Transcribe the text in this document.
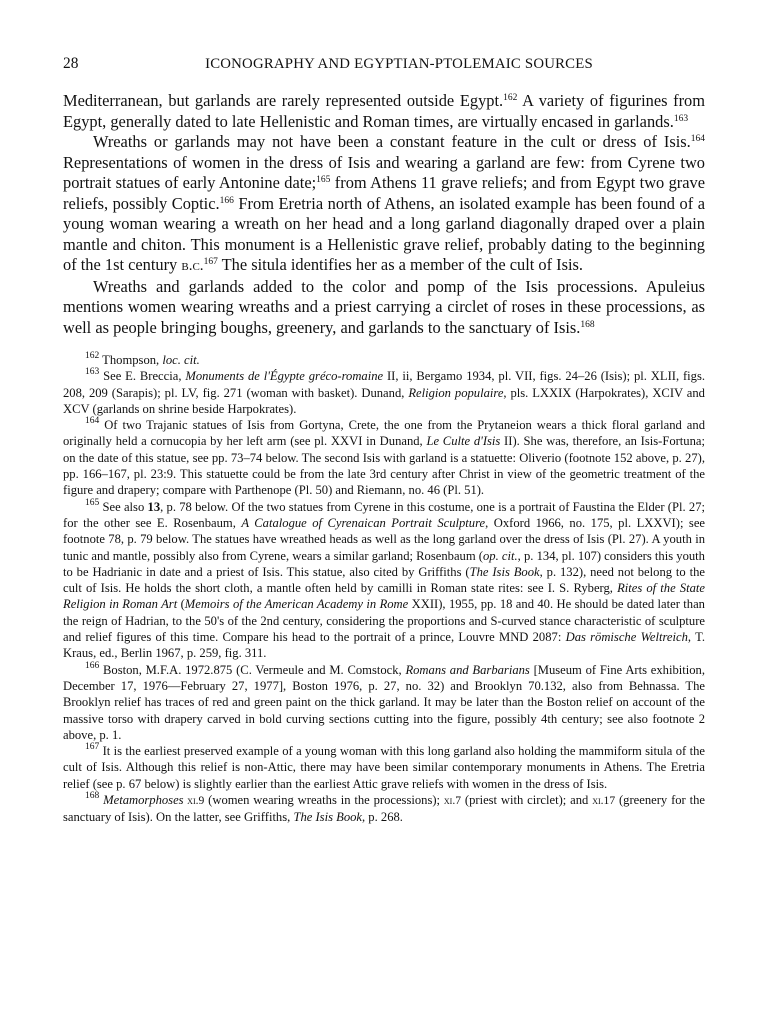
28	ICONOGRAPHY AND EGYPTIAN-PTOLEMAIC SOURCES

Mediterranean, but garlands are rarely represented outside Egypt.$^{162}$ A variety of figurines from Egypt, generally dated to late Hellenistic and Roman times, are virtually encased in garlands.$^{163}$

Wreaths or garlands may not have been a constant feature in the cult or dress of Isis.$^{164}$ Representations of women in the dress of Isis and wearing a garland are few: from Cyrene two portrait statues of early Antonine date;$^{165}$ from Athens 11 grave reliefs; and from Egypt two grave reliefs, possibly Coptic.$^{166}$ From Eretria north of Athens, an isolated example has been found of a young woman wearing a wreath on her head and a long garland diagonally draped over a plain mantle and chiton. This monument is a Hellenistic grave relief, probably dating to the beginning of the 1st century b.c.$^{167}$ The situla identifies her as a member of the cult of Isis.

Wreaths and garlands added to the color and pomp of the Isis processions. Apuleius mentions women wearing wreaths and a priest carrying a circlet of roses in these processions, as well as people bringing boughs, greenery, and garlands to the sanctuary of Isis.$^{168}$

$^{162}$ Thompson, loc. cit.

$^{163}$ See E. Breccia, Monuments de l'Égypte gréco-romaine II, ii, Bergamo 1934, pl. VII, figs. 24–26 (Isis); pl. XLII, figs. 208, 209 (Sarapis); pl. LV, fig. 271 (woman with basket). Dunand, Religion populaire, pls. LXXIX (Harpokrates), XCIV and XCV (garlands on shrine beside Harpokrates).

$^{164}$ Of two Trajanic statues of Isis from Gortyna, Crete, the one from the Prytaneion wears a thick floral garland and originally held a cornucopia by her left arm (see pl. XXVI in Dunand, Le Culte d'Isis II). She was, therefore, an Isis-Fortuna; on the date of this statue, see pp. 73–74 below. The second Isis with garland is a statuette: Oliverio (footnote 152 above, p. 27), pp. 166–167, pl. 23:9. This statuette could be from the late 3rd century after Christ in view of the geometric treatment of the figure and drapery; compare with Parthenope (Pl. 50) and Riemann, no. 46 (Pl. 51).

$^{165}$ See also 13, p. 78 below. Of the two statues from Cyrene in this costume, one is a portrait of Faustina the Elder (Pl. 27; for the other see E. Rosenbaum, A Catalogue of Cyrenaican Portrait Sculpture, Oxford 1966, no. 175, pl. LXXVI); see footnote 78, p. 79 below. The statues have wreathed heads as well as the long garland over the dress of Isis (Pl. 27). A youth in tunic and mantle, possibly also from Cyrene, wears a similar garland; Rosenbaum (op. cit., p. 134, pl. 107) considers this youth to be Hadrianic in date and a priest of Isis. This statue, also cited by Griffiths (The Isis Book, p. 132), need not belong to the cult of Isis. He holds the short cloth, a mantle often held by camilli in Roman state rites: see I. S. Ryberg, Rites of the State Religion in Roman Art (Memoirs of the American Academy in Rome XXII), 1955, pp. 18 and 40. He should be dated later than the reign of Hadrian, to the 50's of the 2nd century, considering the proportions and S-curved stance characteristic of sculpture and relief figures of this time. Compare his head to the portrait of a prince, Louvre MND 2087: Das römische Weltreich, T. Kraus, ed., Berlin 1967, p. 259, fig. 311.

$^{166}$ Boston, M.F.A. 1972.875 (C. Vermeule and M. Comstock, Romans and Barbarians [Museum of Fine Arts exhibition, December 17, 1976—February 27, 1977], Boston 1976, p. 27, no. 32) and Brooklyn 70.132, also from Behnassa. The Brooklyn relief has traces of red and green paint on the thick garland. It may be later than the Boston relief on account of the massive torso with drapery carved in bold curving sections cutting into the figure, possibly 4th century; see also footnote 2 above, p. 1.

$^{167}$ It is the earliest preserved example of a young woman with this long garland also holding the mammiform situla of the cult of Isis. Although this relief is non-Attic, there may have been similar contemporary monuments in Athens. The Eretria relief (see p. 67 below) is slightly earlier than the earliest Attic grave reliefs with women in the dress of Isis.

$^{168}$ Metamorphoses xi.9 (women wearing wreaths in the processions); xi.7 (priest with circlet); and xi.17 (greenery for the sanctuary of Isis). On the latter, see Griffiths, The Isis Book, p. 268.
